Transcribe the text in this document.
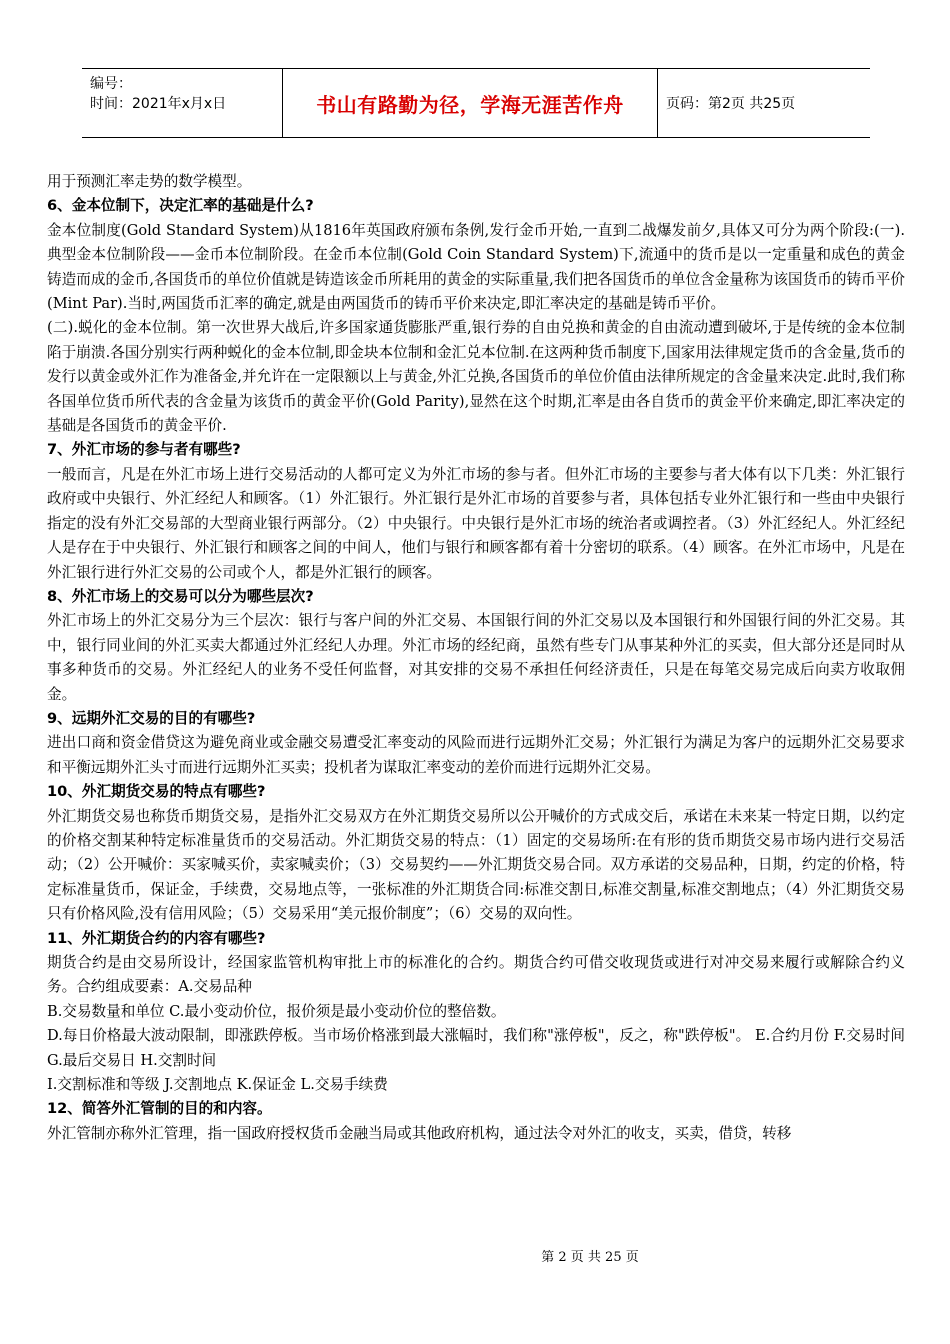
编号：
时间：2021年x月x日	书山有路勤为径，学海无涯苦作舟	页码：第2页 共25页

用于预测汇率走势的数学模型。

6、金本位制下，决定汇率的基础是什么?

金本位制度(Gold Standard System)从1816年英国政府颁布条例,发行金币开始,一直到二战爆发前夕,具体又可分为两个阶段:(一).典型金本位制阶段——金币本位制阶段。在金币本位制(Gold Coin Standard System)下,流通中的货币是以一定重量和成色的黄金铸造而成的金币,各国货币的单位价值就是铸造该金币所耗用的黄金的实际重量,我们把各国货币的单位含金量称为该国货币的铸币平价(Mint Par).当时,两国货币汇率的确定,就是由两国货币的铸币平价来决定,即汇率决定的基础是铸币平价。

(二).蜕化的金本位制。第一次世界大战后,许多国家通货膨胀严重,银行券的自由兑换和黄金的自由流动遭到破坏,于是传统的金本位制陷于崩溃.各国分别实行两种蜕化的金本位制,即金块本位制和金汇兑本位制.在这两种货币制度下,国家用法律规定货币的含金量,货币的发行以黄金或外汇作为准备金,并允许在一定限额以上与黄金,外汇兑换,各国货币的单位价值由法律所规定的含金量来决定.此时,我们称各国单位货币所代表的含金量为该货币的黄金平价(Gold Parity),显然在这个时期,汇率是由各自货币的黄金平价来确定,即汇率决定的基础是各国货币的黄金平价.

7、外汇市场的参与者有哪些?

一般而言，凡是在外汇市场上进行交易活动的人都可定义为外汇市场的参与者。但外汇市场的主要参与者大体有以下几类：外汇银行政府或中央银行、外汇经纪人和顾客。（1）外汇银行。外汇银行是外汇市场的首要参与者，具体包括专业外汇银行和一些由中央银行指定的没有外汇交易部的大型商业银行两部分。（2）中央银行。中央银行是外汇市场的统治者或调控者。（3）外汇经纪人。外汇经纪人是存在于中央银行、外汇银行和顾客之间的中间人，他们与银行和顾客都有着十分密切的联系。（4）顾客。在外汇市场中，凡是在外汇银行进行外汇交易的公司或个人，都是外汇银行的顾客。

8、外汇市场上的交易可以分为哪些层次?

外汇市场上的外汇交易分为三个层次：银行与客户间的外汇交易、本国银行间的外汇交易以及本国银行和外国银行间的外汇交易。其中，银行同业间的外汇买卖大都通过外汇经纪人办理。外汇市场的经纪商，虽然有些专门从事某种外汇的买卖，但大部分还是同时从事多种货币的交易。外汇经纪人的业务不受任何监督，对其安排的交易不承担任何经济责任，只是在每笔交易完成后向卖方收取佣金。

9、远期外汇交易的目的有哪些?

进出口商和资金借贷这为避免商业或金融交易遭受汇率变动的风险而进行远期外汇交易；外汇银行为满足为客户的远期外汇交易要求和平衡远期外汇头寸而进行远期外汇买卖；投机者为谋取汇率变动的差价而进行远期外汇交易。

10、外汇期货交易的特点有哪些?

外汇期货交易也称货币期货交易，是指外汇交易双方在外汇期货交易所以公开喊价的方式成交后，承诺在未来某一特定日期，以约定的价格交割某种特定标准量货币的交易活动。外汇期货交易的特点：（1）固定的交易场所:在有形的货币期货交易市场内进行交易活动；（2）公开喊价：买家喊买价，卖家喊卖价；（3）交易契约——外汇期货交易合同。双方承诺的交易品种，日期，约定的价格，特定标准量货币，保证金，手续费，交易地点等，一张标准的外汇期货合同:标准交割日,标准交割量,标准交割地点；（4）外汇期货交易只有价格风险,没有信用风险；（5）交易采用“美元报价制度”；（6）交易的双向性。

11、外汇期货合约的内容有哪些?

期货合约是由交易所设计，经国家监管机构审批上市的标准化的合约。期货合约可借交收现货或进行对冲交易来履行或解除合约义务。合约组成要素：A.交易品种

B.交易数量和单位 C.最小变动价位，报价须是最小变动价位的整倍数。

D.每日价格最大波动限制，即涨跌停板。当市场价格涨到最大涨幅时，我们称"涨停板"，反之，称"跌停板"。 E.合约月份 F.交易时间 G.最后交易日 H.交割时间

I.交割标准和等级 J.交割地点 K.保证金 L.交易手续费

12、简答外汇管制的目的和内容。

外汇管制亦称外汇管理，指一国政府授权货币金融当局或其他政府机构，通过法令对外汇的收支，买卖，借贷，转移

第 2 页 共 25 页
